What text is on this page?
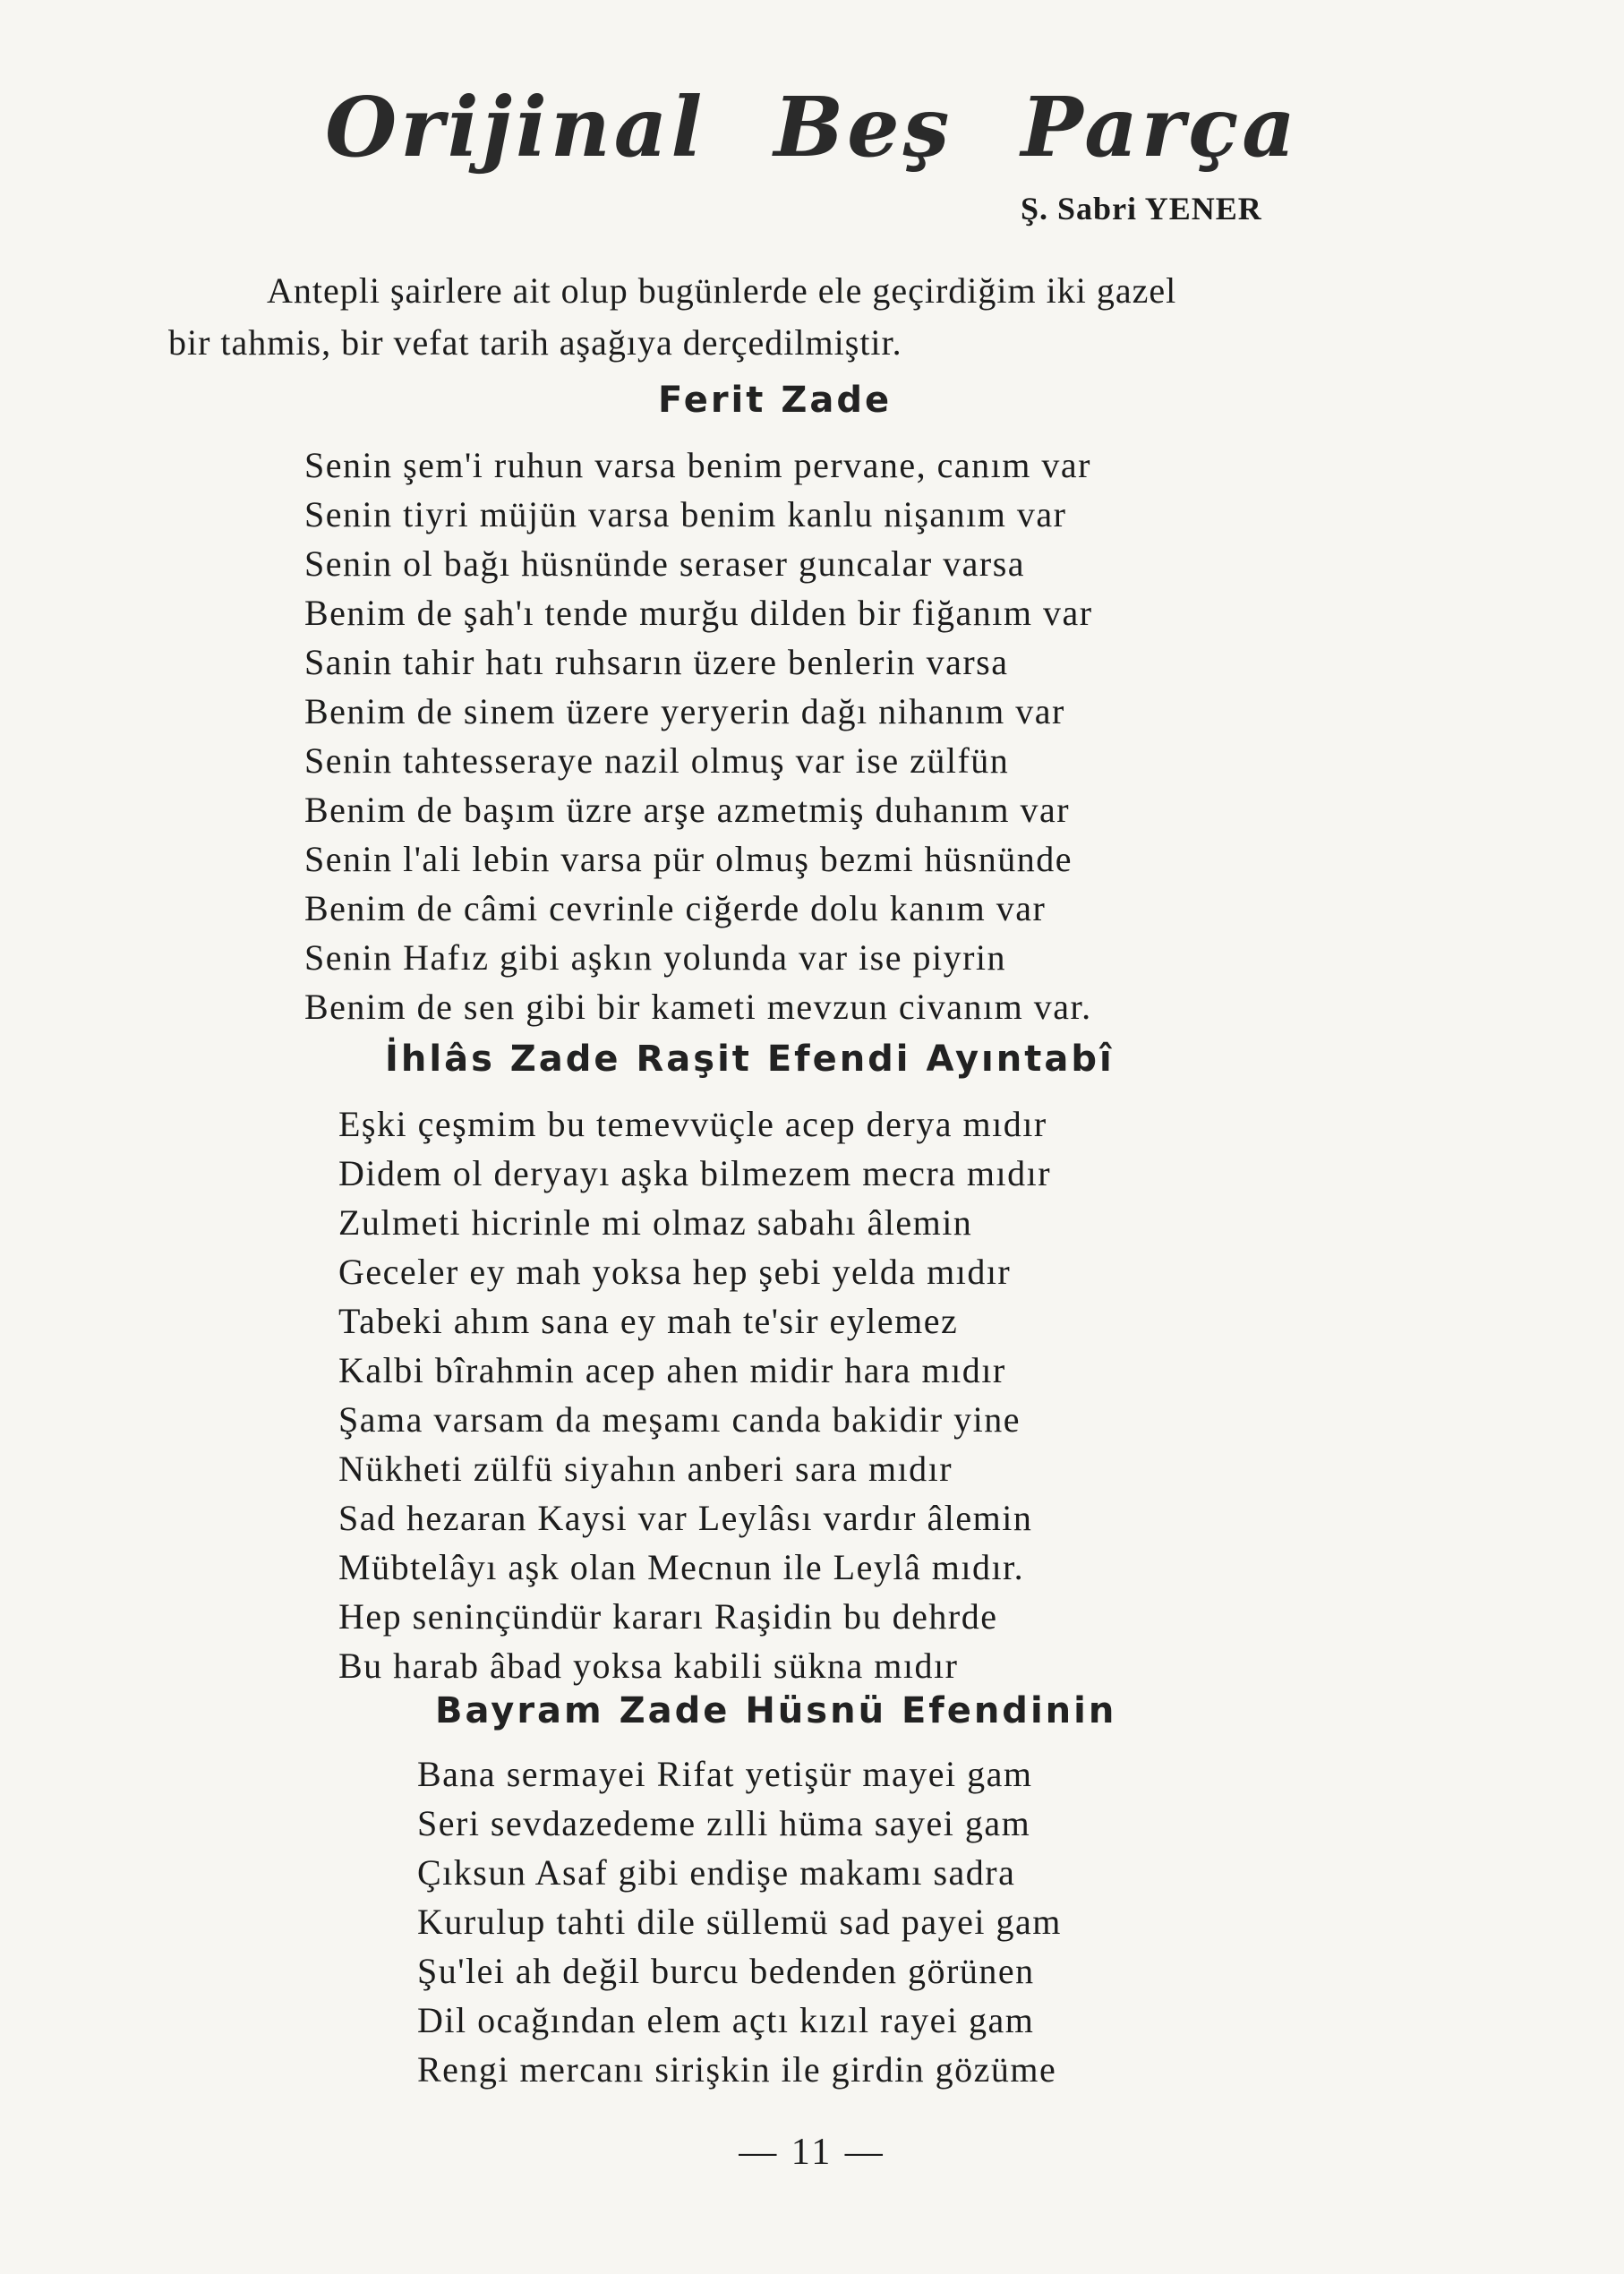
Orijinal Beş Parça
Ş. Sabri YENER
Antepli şairlere ait olup bugünlerde ele geçirdiğim iki gazel
bir tahmis, bir vefat tarih aşağıya derçedilmiştir.
Ferit Zade
Senin şem'i ruhun varsa benim pervane, canım var
Senin tiyri müjün varsa benim kanlu nişanım var
Senin ol bağı hüsnünde seraser guncalar varsa
Benim de şah'ı tende murğu dilden bir fiğanım var
Sanin tahir hatı ruhsarın üzere benlerin varsa
Benim de sinem üzere yeryerin dağı nihanım var
Senin tahtesseraye nazil olmuş var ise zülfün
Benim de başım üzre arşe azmetmiş duhanım var
Senin l'ali lebin varsa pür olmuş bezmi hüsnünde
Benim de câmi cevrinle ciğerde dolu kanım var
Senin Hafız gibi aşkın yolunda var ise piyrin
Benim de sen gibi bir kameti mevzun civanım var.
İhlâs Zade Raşit Efendi Ayıntabî
Eşki çeşmim bu temevvüçle acep derya mıdır
Didem ol deryayı aşka bilmezem mecra mıdır
Zulmeti hicrinle mi olmaz sabahı âlemin
Geceler ey mah yoksa hep şebi yelda mıdır
Tabeki ahım sana ey mah te'sir eylemez
Kalbi bîrahmin acep ahen midir hara mıdır
Şama varsam da meşamı canda bakidir yine
Nükheti zülfü siyahın anberi sara mıdır
Sad hezaran Kaysi var Leylâsı vardır âlemin
Mübtelâyı aşk olan Mecnun ile Leylâ mıdır.
Hep seninçündür kararı Raşidin bu dehrde
Bu harab âbad yoksa kabili sükna mıdır
Bayram Zade Hüsnü Efendinin
Bana sermayei Rifat yetişür mayei gam
Seri sevdazedeme zılli hüma sayei gam
Çıksun Asaf gibi endişe makamı sadra
Kurulup tahti dile süllemü sad payei gam
Şu'lei ah değil burcu bedenden görünen
Dil ocağından elem açtı kızıl rayei gam
Rengi mercanı sirişkin ile girdin gözüme
— 11 —
